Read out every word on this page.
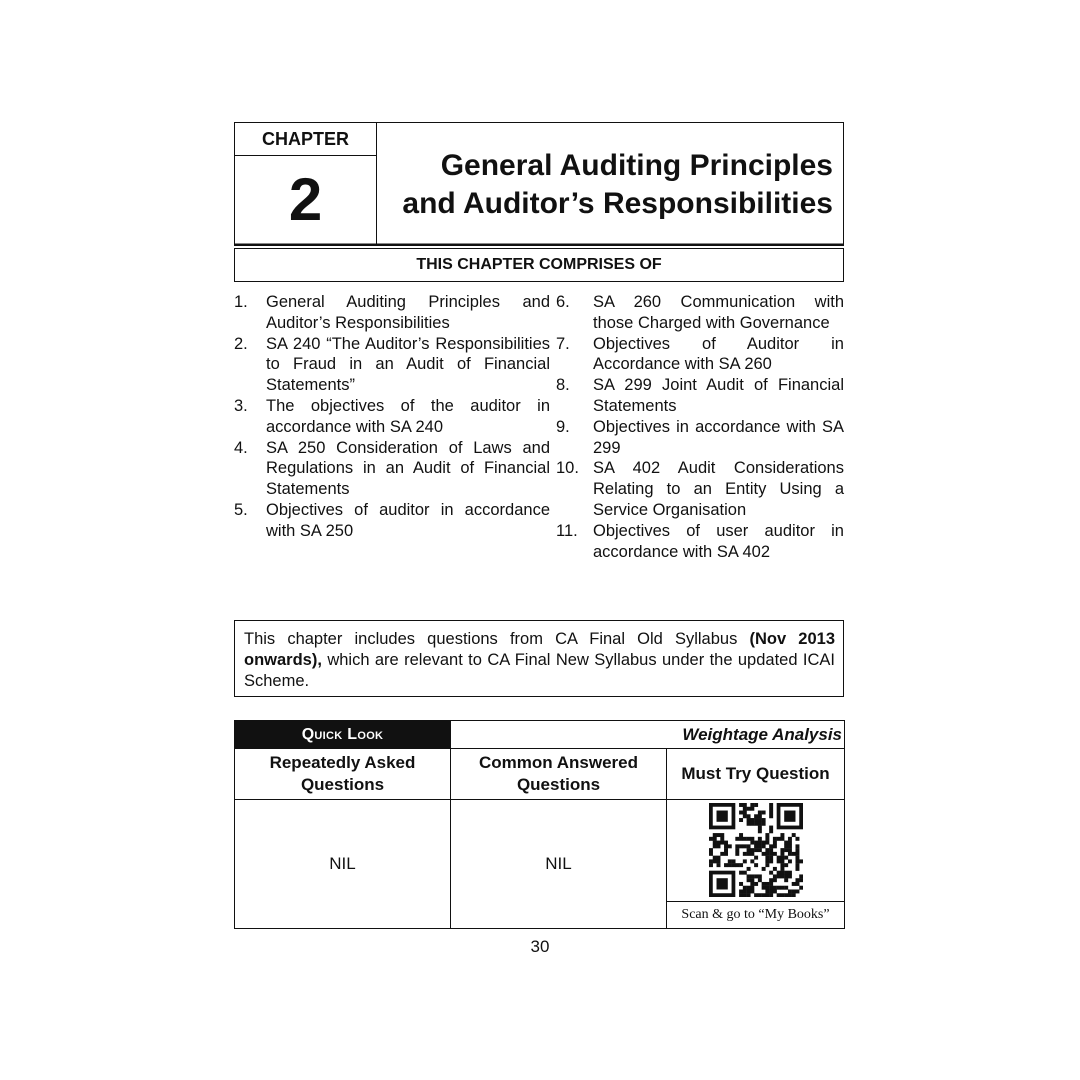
CHAPTER
2
General Auditing Principles
and Auditor’s Responsibilities
THIS CHAPTER COMPRISES OF
1.	General Auditing Principles and Auditor’s Responsibilities
2.	SA 240 “The Auditor’s Responsibilities to Fraud in an Audit of Financial Statements”
3.	The objectives of the auditor in accordance with SA 240
4.	SA 250 Consideration of Laws and Regulations in an Audit of Financial Statements
5.	Objectives of auditor in accordance with SA 250
6.	SA 260 Communication with those Charged with Governance
7.	Objectives of Auditor in Accordance with SA 260
8.	SA 299 Joint Audit of Financial Statements
9.	Objectives in accordance with SA 299
10. SA 402 Audit Considerations Relating to an Entity Using a Service Organisation
11. Objectives of user auditor in accordance with SA 402
This chapter includes questions from CA Final Old Syllabus (Nov 2013 onwards), which are relevant to CA Final New Syllabus under the updated ICAI Scheme.
Quick Look	Weightage Analysis	
Repeatedly Asked Questions	Common Answered Questions	Must Try Question
NIL	NIL	Scan & go to “My Books”
30
